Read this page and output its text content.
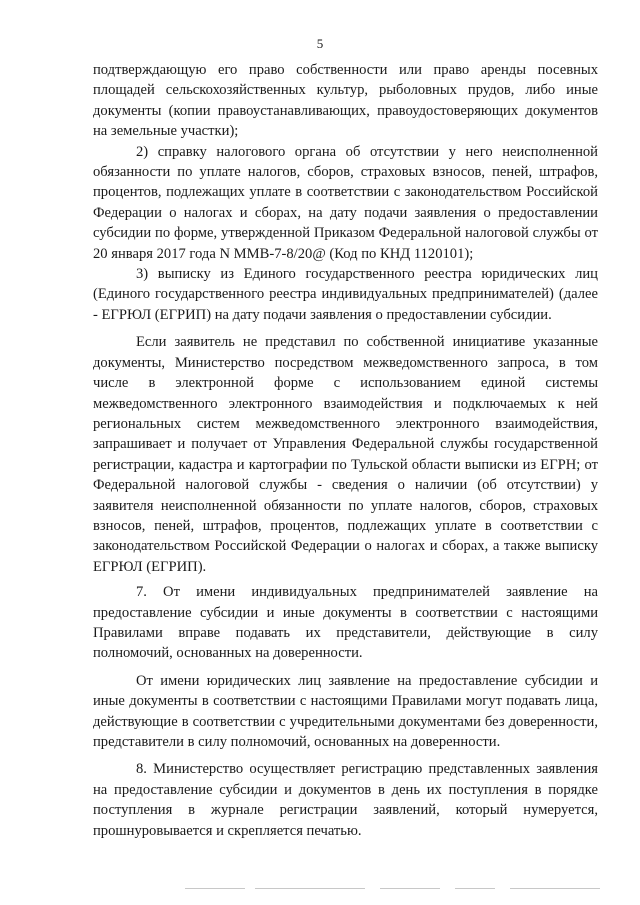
5

подтверждающую его право собственности или право аренды посевных площадей сельскохозяйственных культур, рыболовных прудов, либо иные документы (копии правоустанавливающих, правоудостоверяющих документов на земельные участки);

2) справку налогового органа об отсутствии у него неисполненной обязанности по уплате налогов, сборов, страховых взносов, пеней, штрафов, процентов, подлежащих уплате в соответствии с законодательством Российской Федерации о налогах и сборах, на дату подачи заявления о предоставлении субсидии по форме, утвержденной Приказом Федеральной налоговой службы от 20 января 2017 года N ММВ-7-8/20@ (Код по КНД 1120101);

3) выписку из Единого государственного реестра юридических лиц (Единого государственного реестра индивидуальных предпринимателей) (далее - ЕГРЮЛ (ЕГРИП) на дату подачи заявления о предоставлении субсидии.

Если заявитель не представил по собственной инициативе указанные документы, Министерство посредством межведомственного запроса, в том числе в электронной форме с использованием единой системы межведомственного электронного взаимодействия и подключаемых к ней региональных систем межведомственного электронного взаимодействия, запрашивает и получает от Управления Федеральной службы государственной регистрации, кадастра и картографии по Тульской области выписки из ЕГРН; от Федеральной налоговой службы - сведения о наличии (об отсутствии) у заявителя неисполненной обязанности по уплате налогов, сборов, страховых взносов, пеней, штрафов, процентов, подлежащих уплате в соответствии с законодательством Российской Федерации о налогах и сборах, а также выписку ЕГРЮЛ (ЕГРИП).

7. От имени индивидуальных предпринимателей заявление на предоставление субсидии и иные документы в соответствии с настоящими Правилами вправе подавать их представители, действующие в силу полномочий, основанных на доверенности.

От имени юридических лиц заявление на предоставление субсидии и иные документы в соответствии с настоящими Правилами могут подавать лица, действующие в соответствии с учредительными документами без доверенности, представители в силу полномочий, основанных на доверенности.

8. Министерство осуществляет регистрацию представленных заявления на предоставление субсидии и документов в день их поступления в порядке поступления в журнале регистрации заявлений, который нумеруется, прошнуровывается и скрепляется печатью.
